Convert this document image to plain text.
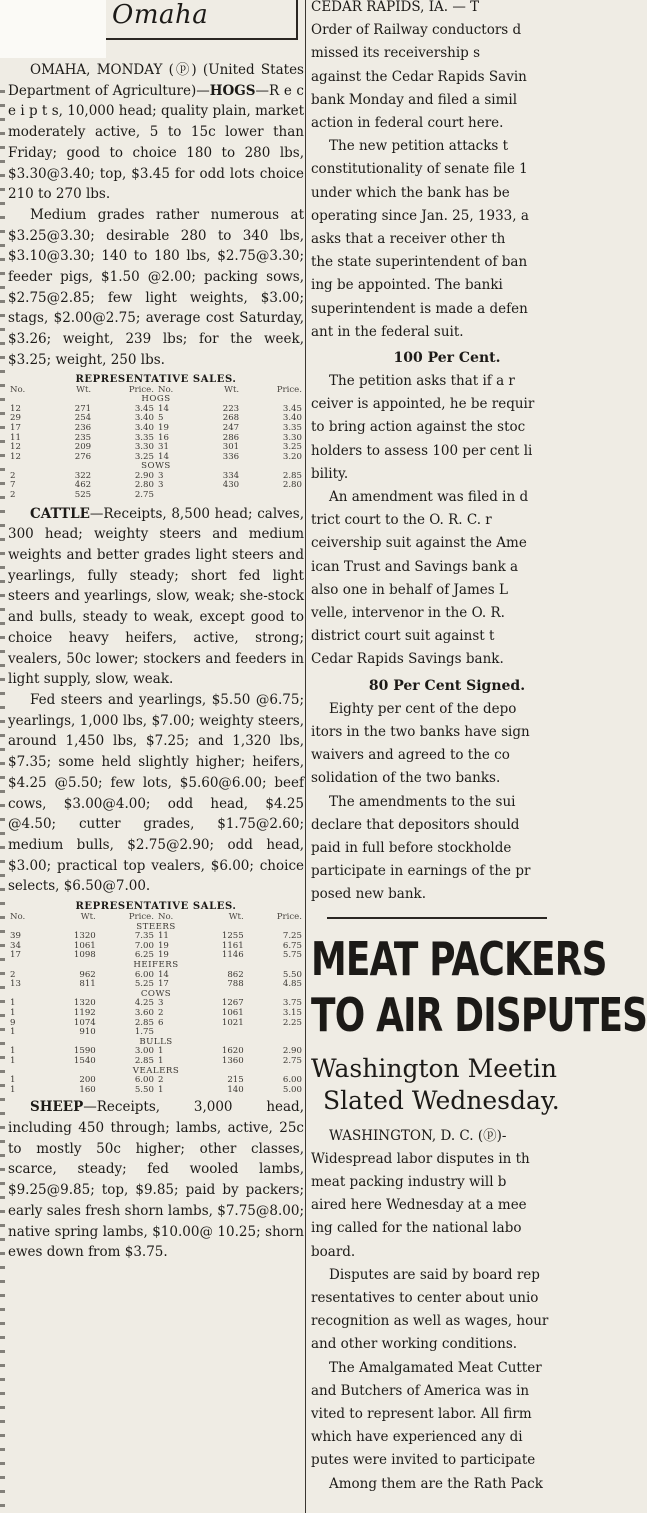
Omaha

OMAHA, MONDAY (ⓟ) (United States Department of Agriculture)—HOGS—R e c e i p t s, 10,000 head; quality plain, market moderately active, 5 to 15c lower than Friday; good to choice 180 to 280 lbs, $3.30@3.40; top, $3.45 for odd lots choice 210 to 270 lbs.

Medium grades rather numerous at $3.25@3.30; desirable 280 to 340 lbs, $3.10@3.30; 140 to 180 lbs, $2.75@3.30; feeder pigs, $1.50 @2.00; packing sows, $2.75@2.85; few light weights, $3.00; stags, $2.00@2.75; average cost Saturday, $3.26; weight, 239 lbs; for the week, $3.25; weight, 250 lbs.

REPRESENTATIVE SALES.
No.	Wt.	Price.	No.	Wt.	Price.
HOGS					
12	271	3.45	14	223	3.45
29	254	3.40	5	268	3.40
17	236	3.40	19	247	3.35
11	235	3.35	16	286	3.30
12	209	3.30	31	301	3.25
12	276	3.25	14	336	3.20
SOWS					
2	322	2.90	3	334	2.85
7	462	2.80	3	430	2.80
2	525	2.75			

CATTLE—Receipts, 8,500 head; calves, 300 head; weighty steers and medium weights and better grades light steers and yearlings, fully steady; short fed light steers and yearlings, slow, weak; she-stock and bulls, steady to weak, except good to choice heavy heifers, active, strong; vealers, 50c lower; stockers and feeders in light supply, slow, weak.

Fed steers and yearlings, $5.50 @6.75; yearlings, 1,000 lbs, $7.00; weighty steers, around 1,450 lbs, $7.25; and 1,320 lbs, $7.35; some held slightly higher; heifers, $4.25 @5.50; few lots, $5.60@6.00; beef cows, $3.00@4.00; odd head, $4.25 @4.50; cutter grades, $1.75@2.60; medium bulls, $2.75@2.90; odd head, $3.00; practical top vealers, $6.00; choice selects, $6.50@7.00.

REPRESENTATIVE SALES.
No.	Wt.	Price.	No.	Wt.	Price.
STEERS					
39	1320	7.35	11	1255	7.25
34	1061	7.00	19	1161	6.75
17	1098	6.25	19	1146	5.75
HEIFERS					
2	962	6.00	14	862	5.50
13	811	5.25	17	788	4.85
COWS					
1	1320	4.25	3	1267	3.75
1	1192	3.60	2	1061	3.15
9	1074	2.85	6	1021	2.25
1	910	1.75			
BULLS					
1	1590	3.00	1	1620	2.90
1	1540	2.85	1	1360	2.75
VEALERS					
1	200	6.00	2	215	6.00
1	160	5.50	1	140	5.00

SHEEP—Receipts, 3,000 head, including 450 through; lambs, active, 25c to mostly 50c higher; other classes, scarce, steady; fed wooled lambs, $9.25@9.85; top, $9.85; paid by packers; early sales fresh shorn lambs, $7.75@8.00; native spring lambs, $10.00@ 10.25; shorn ewes down from $3.75.

CEDAR RAPIDS, IA. — T

Order of Railway conductors d

missed its receivership s

against the Cedar Rapids Savin

bank Monday and filed a simil

action in federal court here.

The new petition attacks t

constitutionality of senate file 1

under which the bank has be

operating since Jan. 25, 1933, a

asks that a receiver other th

the state superintendent of ban

ing be appointed. The banki

superintendent is made a defen

ant in the federal suit.

100 Per Cent.

The petition asks that if a r

ceiver is appointed, he be requir

to bring action against the stoc

holders to assess 100 per cent li

bility.

An amendment was filed in d

trict court to the O. R. C. r

ceivership suit against the Ame

ican Trust and Savings bank a

also one in behalf of James L

velle, intervenor in the O. R.

district court suit against t

Cedar Rapids Savings bank.

80 Per Cent Signed.

Eighty per cent of the depo

itors in the two banks have sign

waivers and agreed to the co

solidation of the two banks.

The amendments to the sui

declare that depositors should

paid in full before stockholde

participate in earnings of the pr

posed new bank.

MEAT PACKERS

TO AIR DISPUTES

Washington Meetin

Slated Wednesday.

WASHINGTON, D. C. (ⓟ)-

Widespread labor disputes in th

meat packing industry will b

aired here Wednesday at a mee

ing called for the national labo

board.

Disputes are said by board rep

resentatives to center about unio

recognition as well as wages, hour

and other working conditions.

The Amalgamated Meat Cutter

and Butchers of America was in

vited to represent labor. All firm

which have experienced any di

putes were invited to participate

Among them are the Rath Pack
